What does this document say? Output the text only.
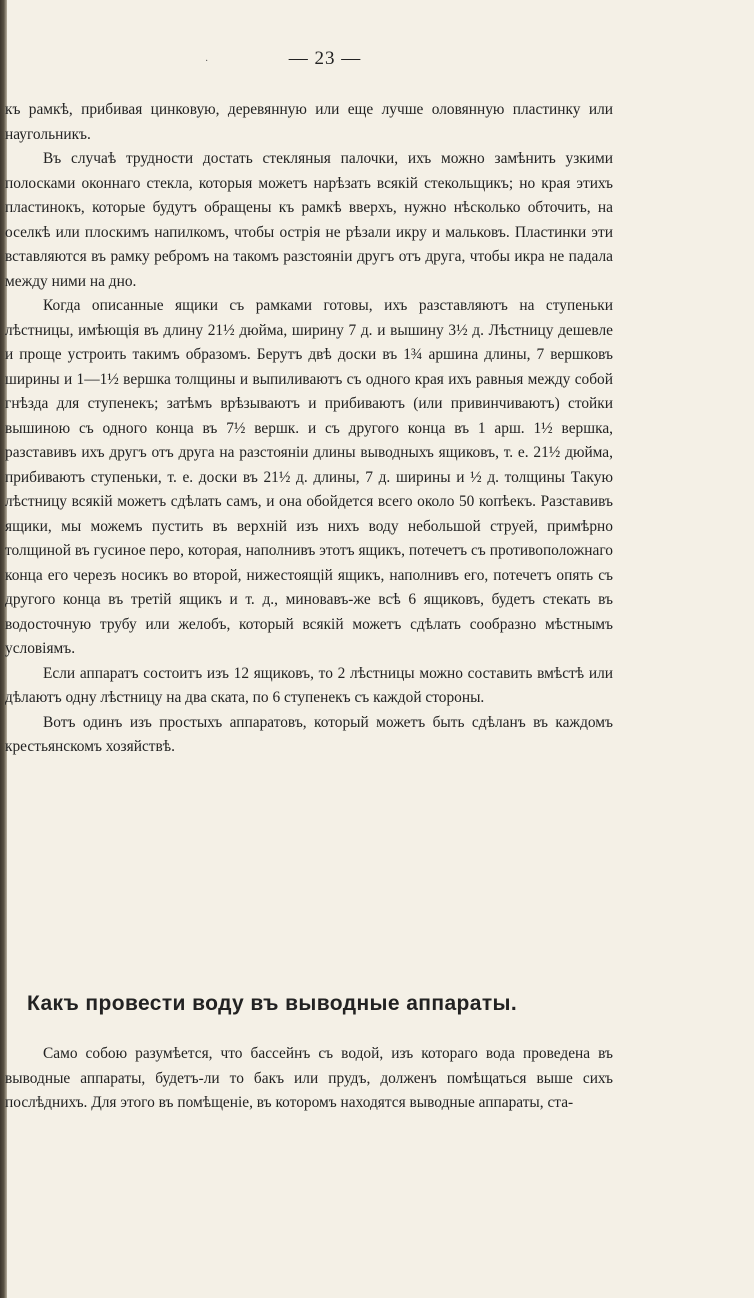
·	— 23 —

къ рамкѣ, прибивая цинковую, деревянную или еще лучше оловянную пластинку или наугольникъ.

Въ случаѣ трудности достать стекляныя палочки, ихъ можно замѣнить узкими полосками оконнаго стекла, которыя можетъ нарѣзать всякій стекольщикъ; но края этихъ пластинокъ, которые будутъ обращены къ рамкѣ вверхъ, нужно нѣсколько обточить, на оселкѣ или плоскимъ напилкомъ, чтобы острія не рѣзали икру и мальковъ. Пластинки эти вставляются въ рамку ребромъ на такомъ разстояніи другъ отъ друга, чтобы икра не падала между ними на дно.

Когда описанные ящики съ рамками готовы, ихъ разставляютъ на ступеньки лѣстницы, имѣющія въ длину 21½ дюйма, ширину 7 д. и вышину 3½ д. Лѣстницу дешевле и проще устроить такимъ образомъ. Берутъ двѣ доски въ 1¾ аршина длины, 7 вершковъ ширины и 1—1½ вершка толщины и выпиливаютъ съ одного края ихъ равныя между собой гнѣзда для ступенекъ; затѣмъ врѣзываютъ и прибиваютъ (или привинчиваютъ) стойки вышиною съ одного конца въ 7½ вершк. и съ другого конца въ 1 арш. 1½ вершка, разставивъ ихъ другъ отъ друга на разстояніи длины выводныхъ ящиковъ, т. е. 21½ дюйма, прибиваютъ ступеньки, т. е. доски въ 21½ д. длины, 7 д. ширины и ½ д. толщины Такую лѣстницу всякій можетъ сдѣлать самъ, и она обойдется всего около 50 копѣекъ. Разставивъ ящики, мы можемъ пустить въ верхній изъ нихъ воду небольшой струей, примѣрно толщиной въ гусиное перо, которая, наполнивъ этотъ ящикъ, потечетъ съ противоположнаго конца его черезъ носикъ во второй, нижестоящій ящикъ, наполнивъ его, потечетъ опять съ другого конца въ третій ящикъ и т. д., миновавъ-же всѣ 6 ящиковъ, будетъ стекать въ водосточную трубу или желобъ, который всякій можетъ сдѣлать сообразно мѣстнымъ условіямъ.

Если аппаратъ состоитъ изъ 12 ящиковъ, то 2 лѣстницы можно составить вмѣстѣ или дѣлаютъ одну лѣстницу на два ската, по 6 ступенекъ съ каждой стороны.

Вотъ одинъ изъ простыхъ аппаратовъ, который можетъ быть сдѣланъ въ каждомъ крестьянскомъ хозяйствѣ.

Какъ провести воду въ выводные аппараты.

Само собою разумѣется, что бассейнъ съ водой, изъ котораго вода проведена въ выводные аппараты, будетъ-ли то бакъ или прудъ, долженъ помѣщаться выше сихъ послѣднихъ. Для этого въ помѣщеніе, въ которомъ находятся выводные аппараты, ста-
